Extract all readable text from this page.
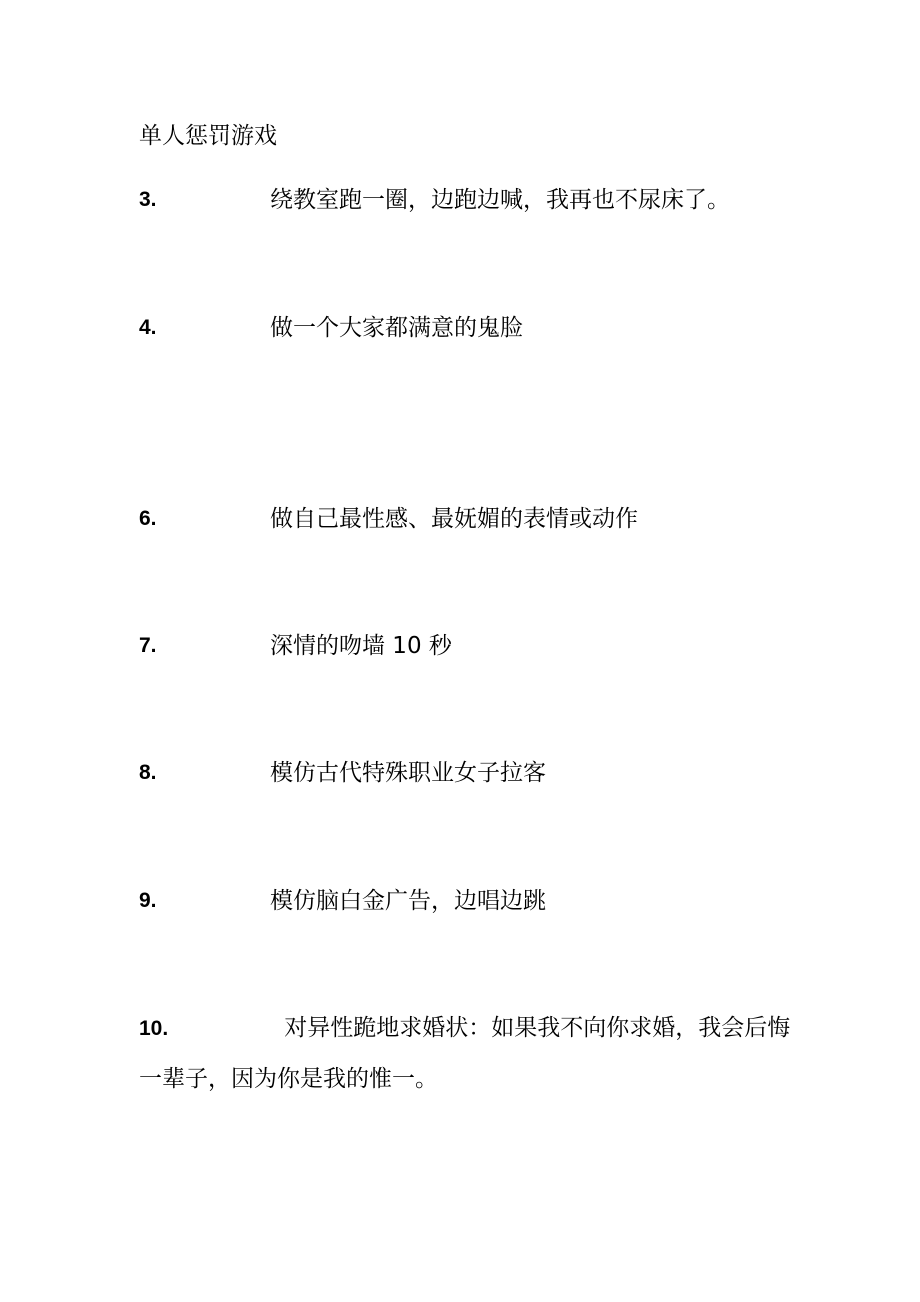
单人惩罚游戏
3.	绕教室跑一圈，边跑边喊，我再也不尿床了。
4.	做一个大家都满意的鬼脸
6.	做自己最性感、最妩媚的表情或动作
7.	深情的吻墙 10 秒
8.	模仿古代特殊职业女子拉客
9.	模仿脑白金广告，边唱边跳
10.	对异性跪地求婚状：如果我不向你求婚，我会后悔一辈子，因为你是我的惟一。
